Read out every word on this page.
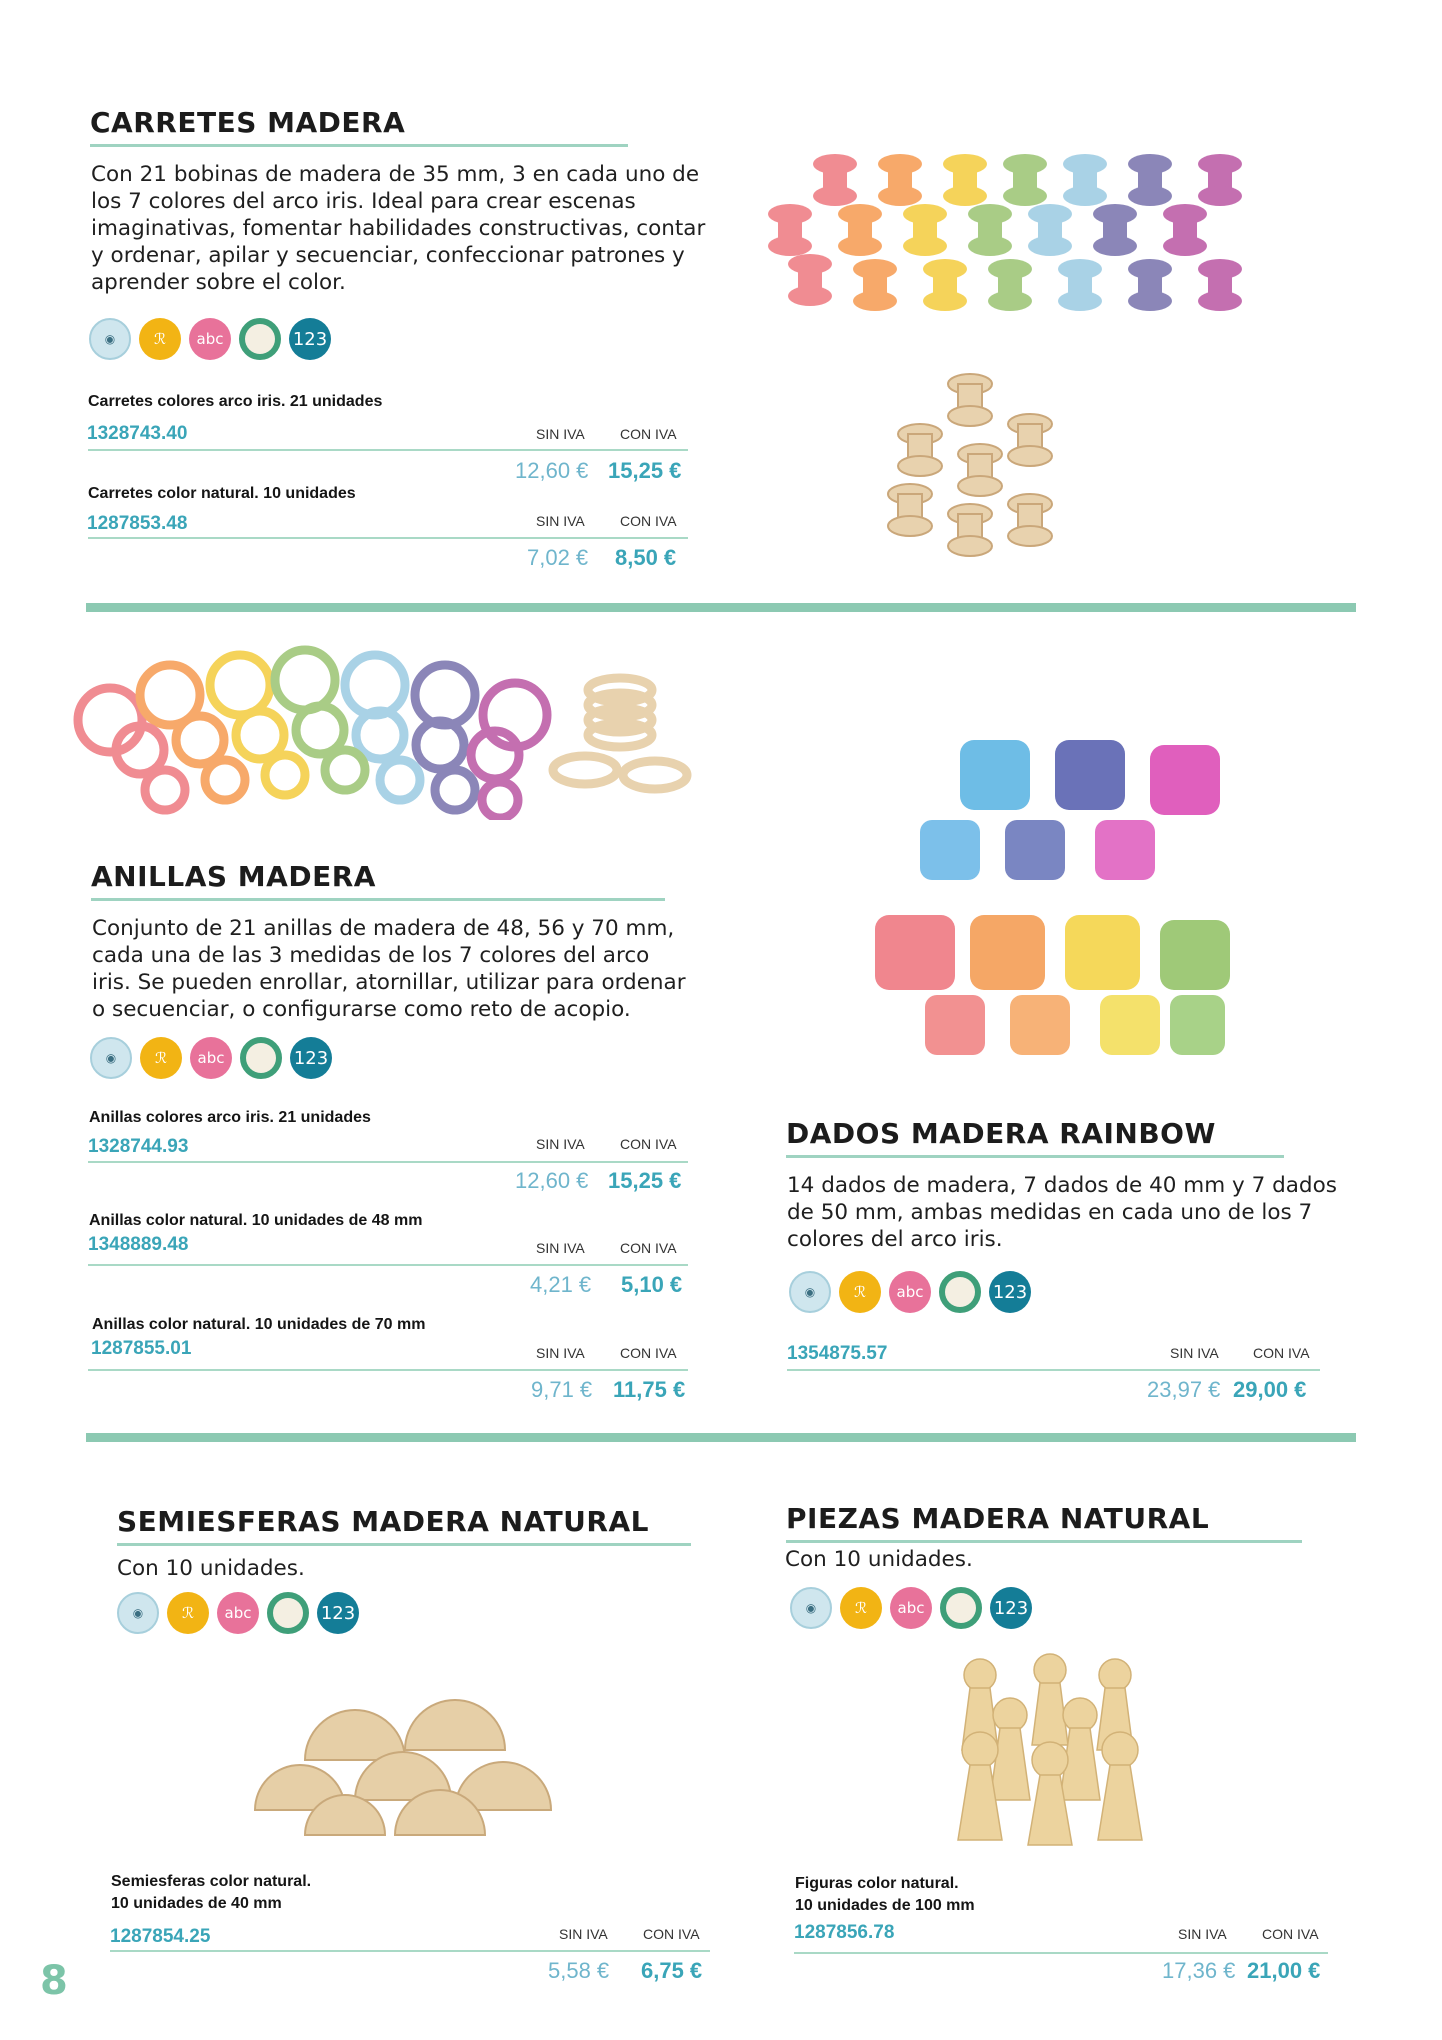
CARRETES MADERA
Con 21 bobinas de madera de 35 mm, 3 en cada uno de los 7 colores del arco iris. Ideal para crear escenas imaginativas, fomentar habilidades constructivas, contar y ordenar, apilar y secuenciar, confeccionar patrones y aprender sobre el color.
◉	ℛ	abc	123
Carretes colores arco iris. 21 unidades
1328743.40	SIN IVA	CON IVA
12,60 € 15,25 €
Carretes color natural. 10 unidades
1287853.48	SIN IVA	CON IVA
7,02 € 8,50 €
ANILLAS MADERA
Conjunto de 21 anillas de madera de 48, 56 y 70 mm, cada una de las 3 medidas de los 7 colores del arco iris. Se pueden enrollar, atornillar, utilizar para ordenar o secuenciar, o configurarse como reto de acopio.
◉	ℛ	abc	123
Anillas colores arco iris. 21 unidades
1328744.93	SIN IVA	CON IVA
12,60 € 15,25 €
Anillas color natural. 10 unidades de 48 mm
1348889.48	SIN IVA	CON IVA
4,21 € 5,10 €
Anillas color natural. 10 unidades de 70 mm
1287855.01	SIN IVA	CON IVA
9,71 € 11,75 €
DADOS MADERA RAINBOW
14 dados de madera, 7 dados de 40 mm y 7 dados de 50 mm, ambas medidas en cada uno de los 7 colores del arco iris.
◉	ℛ	abc	123
1354875.57	SIN IVA CON IVA
23,97 € 29,00 €
SEMIESFERAS MADERA NATURAL
Con 10 unidades.
◉	ℛ	abc	123
Semiesferas color natural.
10 unidades de 40 mm
1287854.25	SIN IVA	CON IVA
5,58 € 6,75 €
PIEZAS MADERA NATURAL
Con 10 unidades.
◉	ℛ	abc	123
Figuras color natural.
10 unidades de 100 mm
1287856.78	SIN IVA	CON IVA
17,36 € 21,00 €
8
